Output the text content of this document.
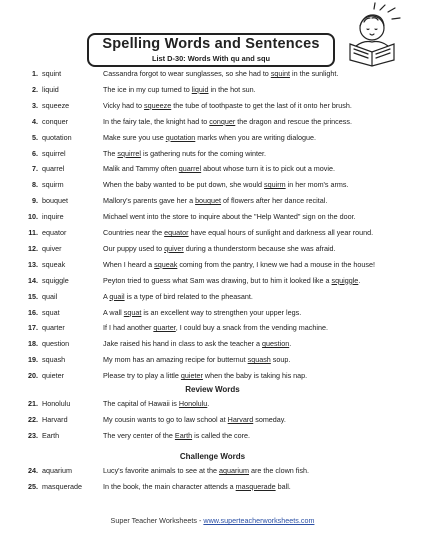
Spelling Words and Sentences
List D-30: Words With qu and squ
1. squint	Cassandra forgot to wear sunglasses, so she had to squint in the sunlight.
2. liquid	The ice in my cup turned to liquid in the hot sun.
3. squeeze	Vicky had to squeeze the tube of toothpaste to get the last of it onto her brush.
4. conquer	In the fairy tale, the knight had to conquer the dragon and rescue the princess.
5. quotation	Make sure you use quotation marks when you are writing dialogue.
6. squirrel	The squirrel is gathering nuts for the coming winter.
7. quarrel	Malik and Tammy often quarrel about whose turn it is to pick out a movie.
8. squirm	When the baby wanted to be put down, she would squirm in her mom's arms.
9. bouquet	Mallory's parents gave her a bouquet of flowers after her dance recital.
10. inquire	Michael went into the store to inquire about the "Help Wanted" sign on the door.
11. equator	Countries near the equator have equal hours of sunlight and darkness all year round.
12. quiver	Our puppy used to quiver during a thunderstorm because she was afraid.
13. squeak	When I heard a squeak coming from the pantry, I knew we had a mouse in the house!
14. squiggle	Peyton tried to guess what Sam was drawing, but to him it looked like a squiggle.
15. quail	A quail is a type of bird related to the pheasant.
16. squat	A wall squat is an excellent way to strengthen your upper legs.
17. quarter	If I had another quarter, I could buy a snack from the vending machine.
18. question	Jake raised his hand in class to ask the teacher a question.
19. squash	My mom has an amazing recipe for butternut squash soup.
20. quieter	Please try to play a little quieter when the baby is taking his nap.
Review Words
21. Honolulu	The capital of Hawaii is Honolulu.
22. Harvard	My cousin wants to go to law school at Harvard someday.
23. Earth	The very center of the Earth is called the core.
Challenge Words
24. aquarium	Lucy's favorite animals to see at the aquarium are the clown fish.
25. masquerade	In the book, the main character attends a masquerade ball.
Super Teacher Worksheets - www.superteacherworksheets.com
